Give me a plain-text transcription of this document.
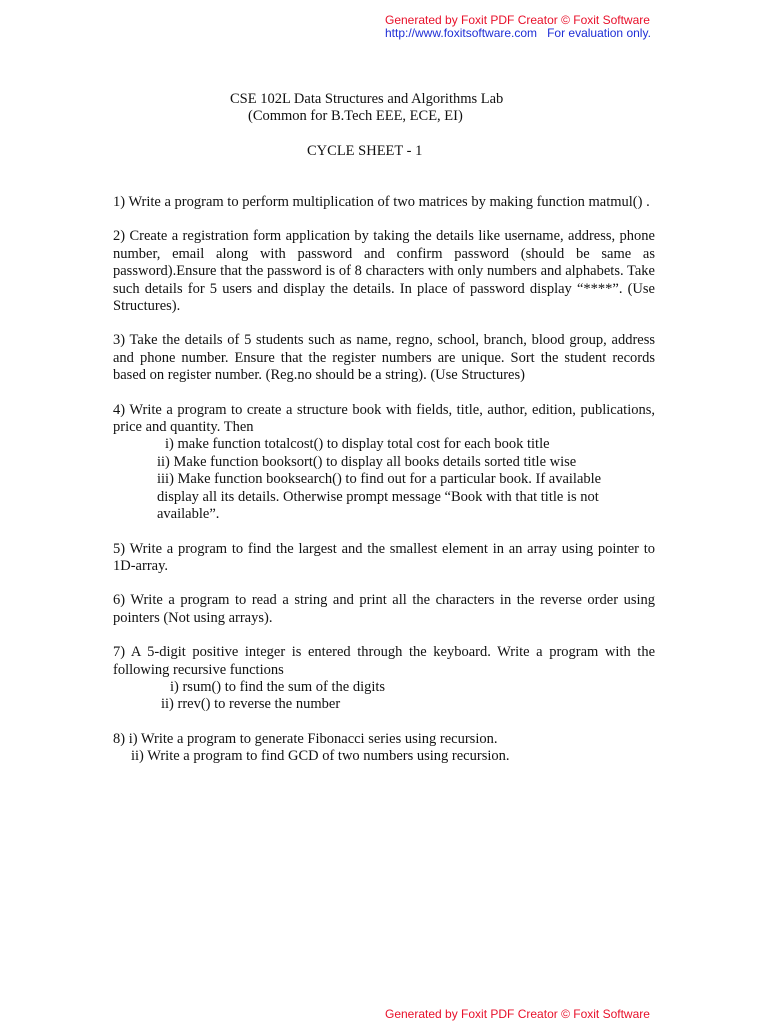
Generated by Foxit PDF Creator © Foxit Software
http://www.foxitsoftware.com For evaluation only.
CSE 102L Data Structures and Algorithms Lab
(Common for B.Tech EEE, ECE, EI)
CYCLE SHEET - 1

1) Write a program to perform multiplication of two matrices by making function matmul() .

2) Create a registration form application by taking the details like username, address, phone number, email along with password and confirm password (should be same as password).Ensure that the password is of 8 characters with only numbers and alphabets. Take such details for 5 users and display the details. In place of password display “****”. (Use Structures).

3) Take the details of 5 students such as name, regno, school, branch, blood group, address and phone number. Ensure that the register numbers are unique. Sort the student records based on register number. (Reg.no should be a string). (Use Structures)

4) Write a program to create a structure book with fields, title, author, edition, publications, price and quantity. Then

i) make function totalcost() to display total cost for each book title
ii) Make function booksort() to display all books details sorted title wise
iii) Make function booksearch() to find out for a particular book. If available display all its details. Otherwise prompt message “Book with that title is not available”.

5) Write a program to find the largest and the smallest element in an array using pointer to 1D-array.

6) Write a program to read a string and print all the characters in the reverse order using pointers (Not using arrays).

7) A 5-digit positive integer is entered through the keyboard. Write a program with the following recursive functions

i) rsum() to find the sum of the digits
ii) rrev() to reverse the number
8) i) Write a program to generate Fibonacci series using recursion.
ii) Write a program to find GCD of two numbers using recursion.
Generated by Foxit PDF Creator © Foxit Software
